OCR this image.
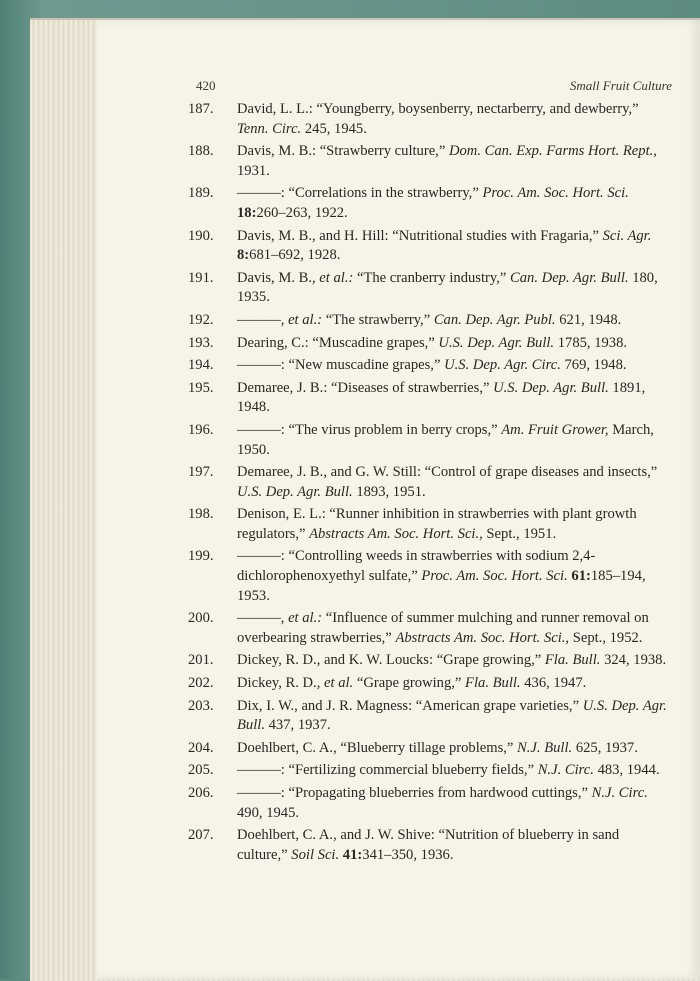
420	Small Fruit Culture
187.	David, L. L.: “Youngberry, boysenberry, nectarberry, and dewberry,” Tenn. Circ. 245, 1945.
188.	Davis, M. B.: “Strawberry culture,” Dom. Can. Exp. Farms Hort. Rept., 1931.
189.	———: “Correlations in the strawberry,” Proc. Am. Soc. Hort. Sci. 18:260–263, 1922.
190.	Davis, M. B., and H. Hill: “Nutritional studies with Fragaria,” Sci. Agr. 8:681–692, 1928.
191.	Davis, M. B., et al.: “The cranberry industry,” Can. Dep. Agr. Bull. 180, 1935.
192.	———, et al.: “The strawberry,” Can. Dep. Agr. Publ. 621, 1948.
193.	Dearing, C.: “Muscadine grapes,” U.S. Dep. Agr. Bull. 1785, 1938.
194.	———: “New muscadine grapes,” U.S. Dep. Agr. Circ. 769, 1948.
195.	Demaree, J. B.: “Diseases of strawberries,” U.S. Dep. Agr. Bull. 1891, 1948.
196.	———: “The virus problem in berry crops,” Am. Fruit Grower, March, 1950.
197.	Demaree, J. B., and G. W. Still: “Control of grape diseases and insects,” U.S. Dep. Agr. Bull. 1893, 1951.
198.	Denison, E. L.: “Runner inhibition in strawberries with plant growth regulators,” Abstracts Am. Soc. Hort. Sci., Sept., 1951.
199.	———: “Controlling weeds in strawberries with sodium 2,4-dichlorophenoxyethyl sulfate,” Proc. Am. Soc. Hort. Sci. 61:185–194, 1953.
200.	———, et al.: “Influence of summer mulching and runner removal on overbearing strawberries,” Abstracts Am. Soc. Hort. Sci., Sept., 1952.
201.	Dickey, R. D., and K. W. Loucks: “Grape growing,” Fla. Bull. 324, 1938.
202.	Dickey, R. D., et al. “Grape growing,” Fla. Bull. 436, 1947.
203.	Dix, I. W., and J. R. Magness: “American grape varieties,” U.S. Dep. Agr. Bull. 437, 1937.
204.	Doehlbert, C. A., “Blueberry tillage problems,” N.J. Bull. 625, 1937.
205.	———: “Fertilizing commercial blueberry fields,” N.J. Circ. 483, 1944.
206.	———: “Propagating blueberries from hardwood cuttings,” N.J. Circ. 490, 1945.
207.	Doehlbert, C. A., and J. W. Shive: “Nutrition of blueberry in sand culture,” Soil Sci. 41:341–350, 1936.
